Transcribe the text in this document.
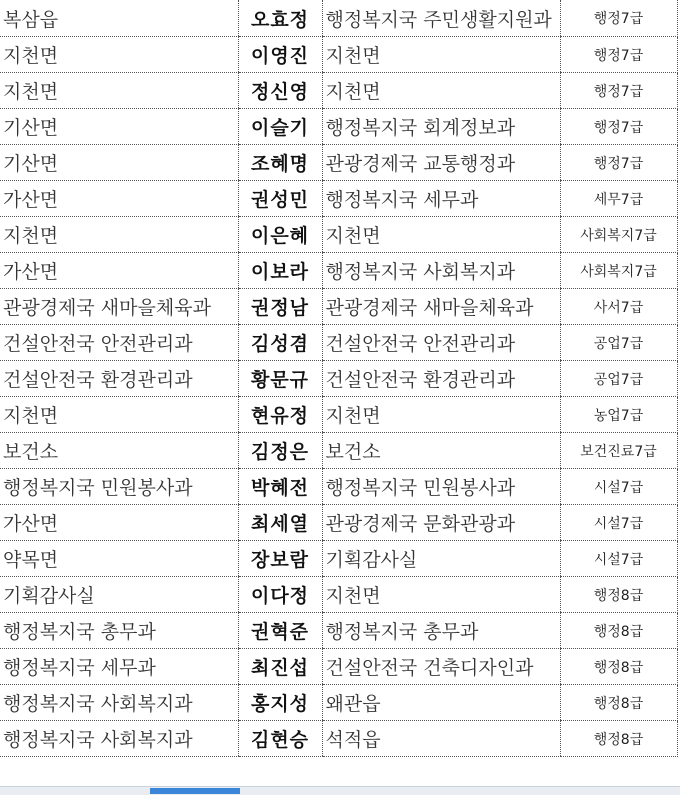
복삼읍	오효정	행정복지국 주민생활지원과	행정7급
지천면	이영진	지천면	행정7급
지천면	정신영	지천면	행정7급
기산면	이슬기	행정복지국 회계정보과	행정7급
기산면	조혜명	관광경제국 교통행정과	행정7급
가산면	권성민	행정복지국 세무과	세무7급
지천면	이은혜	지천면	사회복지7급
가산면	이보라	행정복지국 사회복지과	사회복지7급
관광경제국 새마을체육과	권정남	관광경제국 새마을체육과	사서7급
건설안전국 안전관리과	김성겸	건설안전국 안전관리과	공업7급
건설안전국 환경관리과	황문규	건설안전국 환경관리과	공업7급
지천면	현유정	지천면	농업7급
보건소	김정은	보건소	보건진료7급
행정복지국 민원봉사과	박혜전	행정복지국 민원봉사과	시설7급
가산면	최세열	관광경제국 문화관광과	시설7급
약목면	장보람	기획감사실	시설7급
기획감사실	이다정	지천면	행정8급
행정복지국 총무과	권혁준	행정복지국 총무과	행정8급
행정복지국 세무과	최진섭	건설안전국 건축디자인과	행정8급
행정복지국 사회복지과	홍지성	왜관읍	행정8급
행정복지국 사회복지과	김현승	석적읍	행정8급
